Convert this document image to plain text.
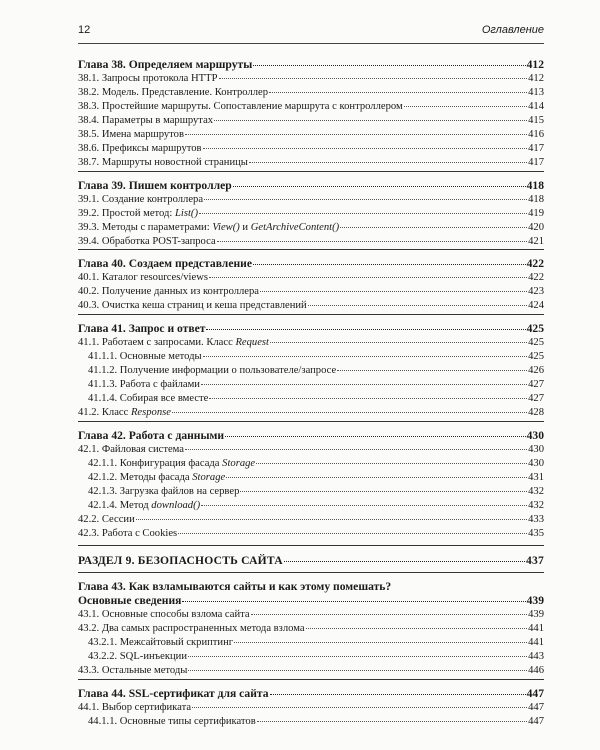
12	Оглавление
Глава 38. Определяем маршруты	412
38.1. Запросы протокола HTTP	412
38.2. Модель. Представление. Контроллер	413
38.3. Простейшие маршруты. Сопоставление маршрута с контроллером	414
38.4. Параметры в маршрутах	415
38.5. Имена маршрутов	416
38.6. Префиксы маршрутов	417
38.7. Маршруты новостной страницы	417
Глава 39. Пишем контроллер	418
39.1. Создание контроллера	418
39.2. Простой метод: List()	419
39.3. Методы с параметрами: View() и GetArchiveContent()	420
39.4. Обработка POST-запроса	421
Глава 40. Создаем представление	422
40.1. Каталог resources/views	422
40.2. Получение данных из контроллера	423
40.3. Очистка кеша страниц и кеша представлений	424
Глава 41. Запрос и ответ	425
41.1. Работаем с запросами. Класс Request	425
41.1.1. Основные методы	425
41.1.2. Получение информации о пользователе/запросе	426
41.1.3. Работа с файлами	427
41.1.4. Собирая все вместе	427
41.2. Класс Response	428
Глава 42. Работа с данными	430
42.1. Файловая система	430
42.1.1. Конфигурация фасада Storage	430
42.1.2. Методы фасада Storage	431
42.1.3. Загрузка файлов на сервер	432
42.1.4. Метод download()	432
42.2. Сессии	433
42.3. Работа с Cookies	435
РАЗДЕЛ 9. БЕЗОПАСНОСТЬ САЙТА	437
Глава 43. Как взламываются сайты и как этому помешать?
Основные сведения	439
43.1. Основные способы взлома сайта	439
43.2. Два самых распространенных метода взлома	441
43.2.1. Межсайтовый скриптинг	441
43.2.2. SQL-инъекции	443
43.3. Остальные методы	446
Глава 44. SSL-сертификат для сайта	447
44.1. Выбор сертификата	447
44.1.1. Основные типы сертификатов	447
